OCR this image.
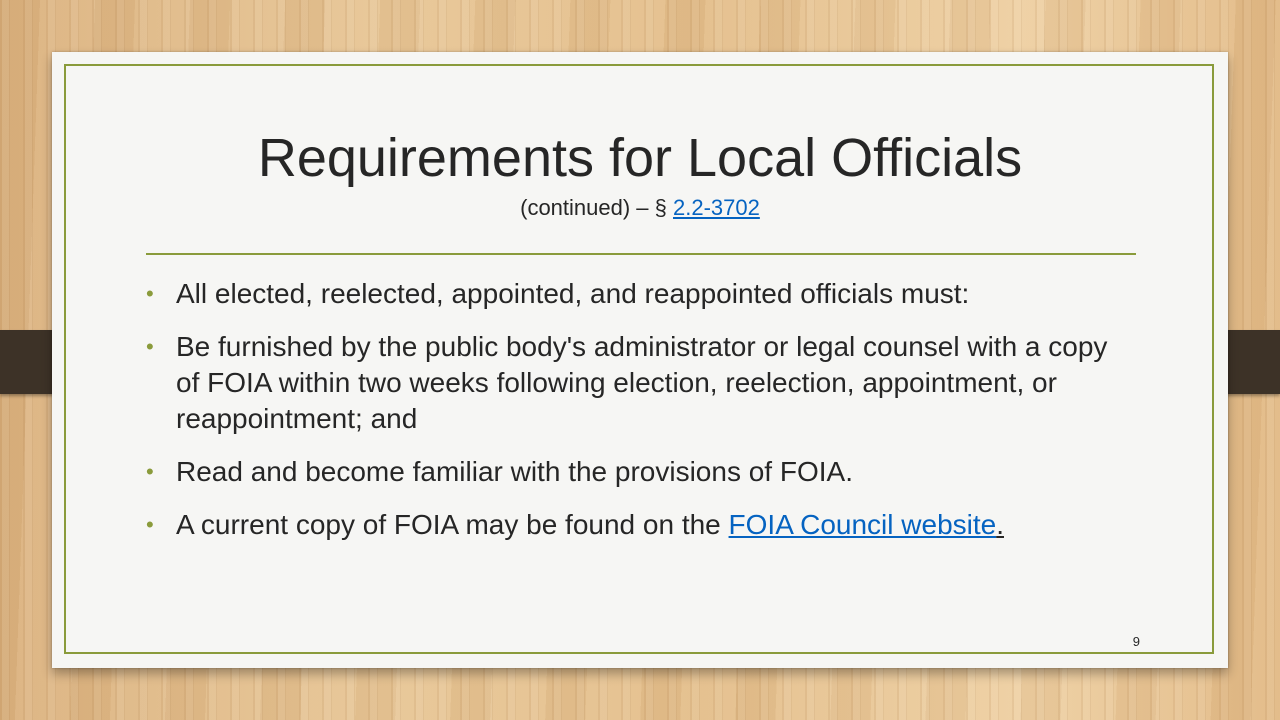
Requirements for Local Officials
(continued) – § 2.2-3702
• All elected, reelected, appointed, and reappointed officials must:
• Be furnished by the public body's administrator or legal counsel with a copy of FOIA within two weeks following election, reelection, appointment, or reappointment; and
• Read and become familiar with the provisions of FOIA.
• A current copy of FOIA may be found on the FOIA Council website.
9
